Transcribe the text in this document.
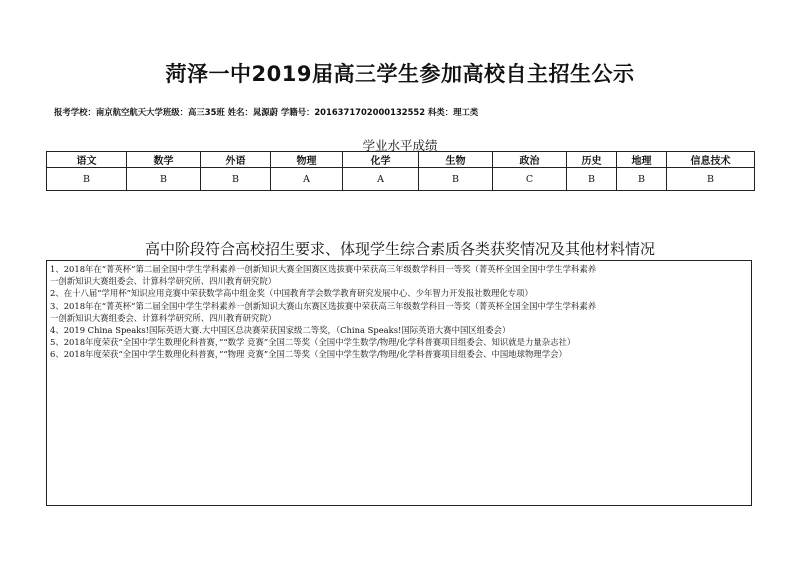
菏泽一中2019届高三学生参加高校自主招生公示
报考学校：南京航空航天大学班级：高三35班 姓名：晁源蔚 学籍号：2016371702000132552 科类：理工类
学业水平成绩
语文	数学	外语	物理	化学	生物	政治	历史	地理	信息技术
B	B	B	A	A	B	C	B	B	B
高中阶段符合高校招生要求、体现学生综合素质各类获奖情况及其他材料情况
1、2018年在“菁英杯”第二届全国中学生学科素养一创新知识大赛全国赛区选拔赛中荣获高三年级数学科目一等奖（菁英杯全国全国中学生学科素养
一创新知识大赛组委会、计算科学研究所、四川教育研究院）
2、在十八届“学用杯”知识应用竞赛中荣获数学高中组金奖（中国教育学会数学教育研究发展中心、少年智力开发报社数理化专项）
3、2018年在“菁英杯”第二届全国中学生学科素养一创新知识大赛山东赛区选拔赛中荣获高三年级数学科目一等奖（菁英杯全国全国中学生学科素养
一创新知识大赛组委会、计算科学研究所、四川教育研究院）
4、2019 China Speaks!国际英语大赛.大中国区总决赛荣获国家级二等奖，（China Speaks!国际英语大赛中国区组委会）
5、2018年度荣获“全国中学生数理化科普赛，”“数学 竞赛”全国二等奖（全国中学生数学/物理/化学科普赛项目组委会、知识就是力量杂志社）
6、2018年度荣获“全国中学生数理化科普赛，”“物理 竞赛”全国二等奖（全国中学生数学/物理/化学科普赛项目组委会、中国地球物理学会）
